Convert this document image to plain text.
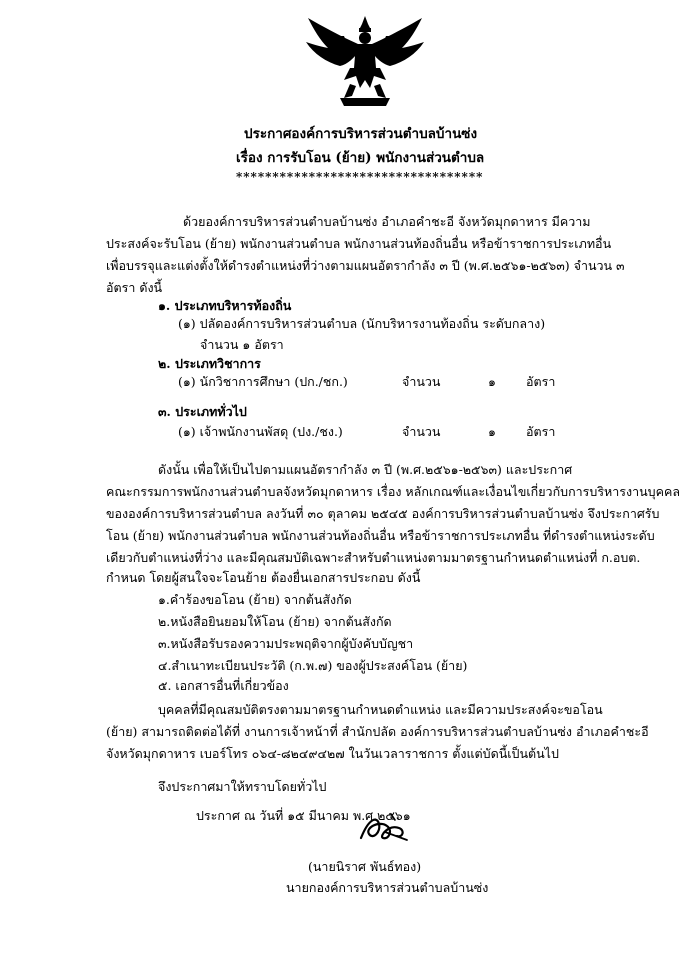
ประกาศองค์การบริหารส่วนตำบลบ้านซ่ง
เรื่อง การรับโอน (ย้าย) พนักงานส่วนตำบล
**********************************
ด้วยองค์การบริหารส่วนตำบลบ้านซ่ง อำเภอคำชะอี จังหวัดมุกดาหาร มีความ
ประสงค์จะรับโอน (ย้าย) พนักงานส่วนตำบล พนักงานส่วนท้องถิ่นอื่น หรือข้าราชการประเภทอื่น
เพื่อบรรจุและแต่งตั้งให้ดำรงตำแหน่งที่ว่างตามแผนอัตรากำลัง ๓ ปี (พ.ศ.๒๕๖๑-๒๕๖๓) จำนวน ๓
อัตรา ดังนี้
๑. ประเภทบริหารท้องถิ่น
(๑) ปลัดองค์การบริหารส่วนตำบล (นักบริหารงานท้องถิ่น ระดับกลาง)
จำนวน ๑ อัตรา
๒. ประเภทวิชาการ
(๑) นักวิชาการศึกษา (ปก./ชก.)	จำนวน	๑ อัตรา
๓. ประเภททั่วไป
(๑) เจ้าพนักงานพัสดุ (ปง./ชง.)	จำนวน	๑ อัตรา
ดังนั้น เพื่อให้เป็นไปตามแผนอัตรากำลัง ๓ ปี (พ.ศ.๒๕๖๑-๒๕๖๓) และประกาศ
คณะกรรมการพนักงานส่วนตำบลจังหวัดมุกดาหาร เรื่อง หลักเกณฑ์และเงื่อนไขเกี่ยวกับการบริหารงานบุคคล
ขององค์การบริหารส่วนตำบล ลงวันที่ ๓๐ ตุลาคม ๒๕๔๕ องค์การบริหารส่วนตำบลบ้านซ่ง จึงประกาศรับ
โอน (ย้าย) พนักงานส่วนตำบล พนักงานส่วนท้องถิ่นอื่น หรือข้าราชการประเภทอื่น ที่ดำรงตำแหน่งระดับ
เดียวกับตำแหน่งที่ว่าง และมีคุณสมบัติเฉพาะสำหรับตำแหน่งตามมาตรฐานกำหนดตำแหน่งที่ ก.อบต.
กำหนด โดยผู้สนใจจะโอนย้าย ต้องยื่นเอกสารประกอบ ดังนี้
๑.คำร้องขอโอน (ย้าย) จากต้นสังกัด
๒.หนังสือยินยอมให้โอน (ย้าย) จากต้นสังกัด
๓.หนังสือรับรองความประพฤติจากผู้บังคับบัญชา
๔.สำเนาทะเบียนประวัติ (ก.พ.๗) ของผู้ประสงค์โอน (ย้าย)
๕. เอกสารอื่นที่เกี่ยวข้อง
บุคคลที่มีคุณสมบัติตรงตามมาตรฐานกำหนดตำแหน่ง และมีความประสงค์จะขอโอน
(ย้าย) สามารถติดต่อได้ที่ งานการเจ้าหน้าที่ สำนักปลัด องค์การบริหารส่วนตำบลบ้านซ่ง อำเภอคำชะอี
จังหวัดมุกดาหาร เบอร์โทร ๐๖๔-๘๒๔๙๔๒๗ ในวันเวลาราชการ ตั้งแต่บัดนี้เป็นต้นไป
จึงประกาศมาให้ทราบโดยทั่วไป
ประกาศ ณ วันที่ ๑๕ มีนาคม พ.ศ.๒๕๖๑
(นายนิราศ พันธ์ทอง)
นายกองค์การบริหารส่วนตำบลบ้านซ่ง
